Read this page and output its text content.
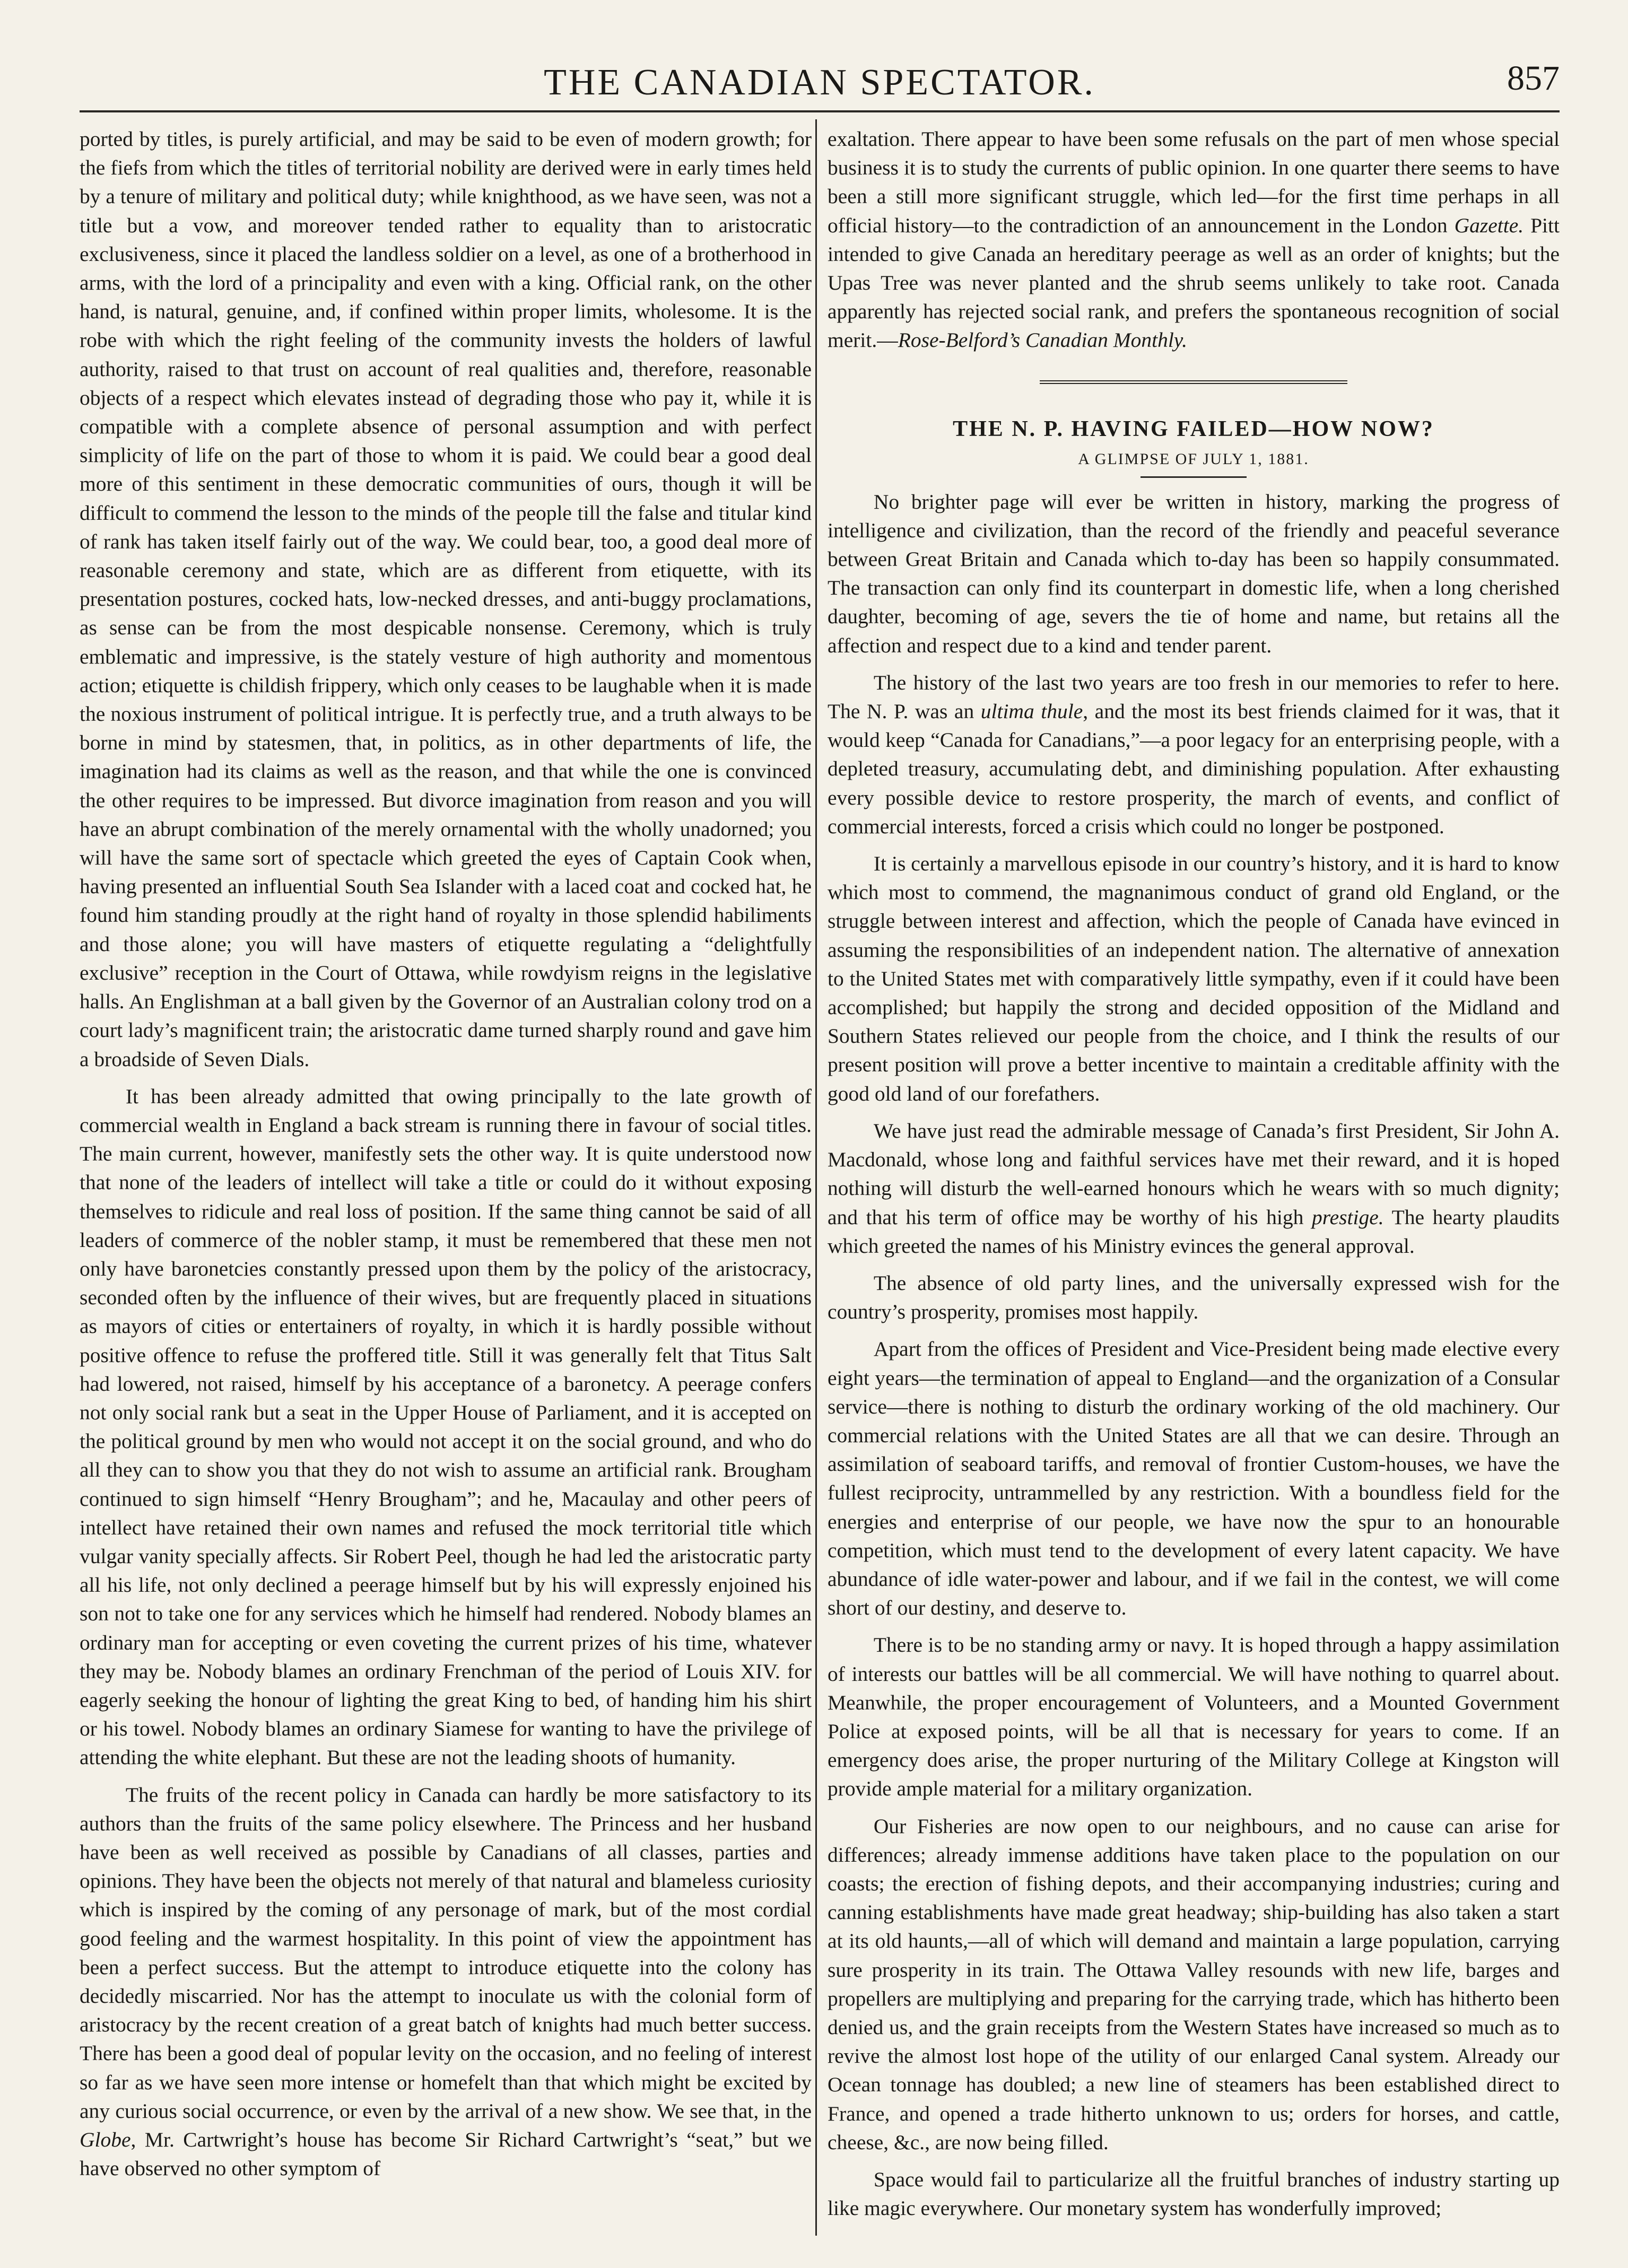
THE CANADIAN SPECTATOR.	857

ported by titles, is purely artificial, and may be said to be even of modern growth; for the fiefs from which the titles of territorial nobility are derived were in early times held by a tenure of military and political duty; while knighthood, as we have seen, was not a title but a vow, and moreover tended rather to equality than to aristocratic exclusiveness, since it placed the landless soldier on a level, as one of a brotherhood in arms, with the lord of a principality and even with a king. Official rank, on the other hand, is natural, genuine, and, if confined within proper limits, wholesome. It is the robe with which the right feeling of the community invests the holders of lawful authority, raised to that trust on account of real qualities and, therefore, reasonable objects of a respect which elevates instead of degrading those who pay it, while it is compatible with a complete absence of personal assumption and with perfect simplicity of life on the part of those to whom it is paid. We could bear a good deal more of this sentiment in these democratic communities of ours, though it will be difficult to commend the lesson to the minds of the people till the false and titular kind of rank has taken itself fairly out of the way. We could bear, too, a good deal more of reasonable ceremony and state, which are as different from etiquette, with its presentation postures, cocked hats, low-necked dresses, and anti-buggy proclamations, as sense can be from the most despicable nonsense. Ceremony, which is truly emblematic and impressive, is the stately vesture of high authority and momentous action; etiquette is childish frippery, which only ceases to be laughable when it is made the noxious instrument of political intrigue. It is perfectly true, and a truth always to be borne in mind by statesmen, that, in politics, as in other departments of life, the imagination had its claims as well as the reason, and that while the one is convinced the other requires to be impressed. But divorce imagination from reason and you will have an abrupt combination of the merely ornamental with the wholly unadorned; you will have the same sort of spectacle which greeted the eyes of Captain Cook when, having presented an influential South Sea Islander with a laced coat and cocked hat, he found him standing proudly at the right hand of royalty in those splendid habiliments and those alone; you will have masters of etiquette regulating a “delightfully exclusive” reception in the Court of Ottawa, while rowdyism reigns in the legislative halls. An Englishman at a ball given by the Governor of an Australian colony trod on a court lady’s magnificent train; the aristocratic dame turned sharply round and gave him a broadside of Seven Dials.

It has been already admitted that owing principally to the late growth of commercial wealth in England a back stream is running there in favour of social titles. The main current, however, manifestly sets the other way. It is quite understood now that none of the leaders of intellect will take a title or could do it without exposing themselves to ridicule and real loss of position. If the same thing cannot be said of all leaders of commerce of the nobler stamp, it must be remembered that these men not only have baronetcies constantly pressed upon them by the policy of the aristocracy, seconded often by the influence of their wives, but are frequently placed in situations as mayors of cities or entertainers of royalty, in which it is hardly possible without positive offence to refuse the proffered title. Still it was generally felt that Titus Salt had lowered, not raised, himself by his acceptance of a baronetcy. A peerage confers not only social rank but a seat in the Upper House of Parliament, and it is accepted on the political ground by men who would not accept it on the social ground, and who do all they can to show you that they do not wish to assume an artificial rank. Brougham continued to sign himself “Henry Brougham”; and he, Macaulay and other peers of intellect have retained their own names and refused the mock territorial title which vulgar vanity specially affects. Sir Robert Peel, though he had led the aristocratic party all his life, not only declined a peerage himself but by his will expressly enjoined his son not to take one for any services which he himself had rendered. Nobody blames an ordinary man for accepting or even coveting the current prizes of his time, whatever they may be. Nobody blames an ordinary Frenchman of the period of Louis XIV. for eagerly seeking the honour of lighting the great King to bed, of handing him his shirt or his towel. Nobody blames an ordinary Siamese for wanting to have the privilege of attending the white elephant. But these are not the leading shoots of humanity.

The fruits of the recent policy in Canada can hardly be more satisfactory to its authors than the fruits of the same policy elsewhere. The Princess and her husband have been as well received as possible by Canadians of all classes, parties and opinions. They have been the objects not merely of that natural and blameless curiosity which is inspired by the coming of any personage of mark, but of the most cordial good feeling and the warmest hospitality. In this point of view the appointment has been a perfect success. But the attempt to introduce etiquette into the colony has decidedly miscarried. Nor has the attempt to inoculate us with the colonial form of aristocracy by the recent creation of a great batch of knights had much better success. There has been a good deal of popular levity on the occasion, and no feeling of interest so far as we have seen more intense or homefelt than that which might be excited by any curious social occurrence, or even by the arrival of a new show. We see that, in the Globe, Mr. Cartwright’s house has become Sir Richard Cartwright’s “seat,” but we have observed no other symptom of

exaltation. There appear to have been some refusals on the part of men whose special business it is to study the currents of public opinion. In one quarter there seems to have been a still more significant struggle, which led—for the first time perhaps in all official history—to the contradiction of an announcement in the London Gazette. Pitt intended to give Canada an hereditary peerage as well as an order of knights; but the Upas Tree was never planted and the shrub seems unlikely to take root. Canada apparently has rejected social rank, and prefers the spontaneous recognition of social merit.—Rose-Belford’s Canadian Monthly.

THE N. P. HAVING FAILED—HOW NOW?
A GLIMPSE OF JULY 1, 1881.

No brighter page will ever be written in history, marking the progress of intelligence and civilization, than the record of the friendly and peaceful severance between Great Britain and Canada which to-day has been so happily consummated. The transaction can only find its counterpart in domestic life, when a long cherished daughter, becoming of age, severs the tie of home and name, but retains all the affection and respect due to a kind and tender parent.

The history of the last two years are too fresh in our memories to refer to here. The N. P. was an ultima thule, and the most its best friends claimed for it was, that it would keep “Canada for Canadians,”—a poor legacy for an enterprising people, with a depleted treasury, accumulating debt, and diminishing population. After exhausting every possible device to restore prosperity, the march of events, and conflict of commercial interests, forced a crisis which could no longer be postponed.

It is certainly a marvellous episode in our country’s history, and it is hard to know which most to commend, the magnanimous conduct of grand old England, or the struggle between interest and affection, which the people of Canada have evinced in assuming the responsibilities of an independent nation. The alternative of annexation to the United States met with comparatively little sympathy, even if it could have been accomplished; but happily the strong and decided opposition of the Midland and Southern States relieved our people from the choice, and I think the results of our present position will prove a better incentive to maintain a creditable affinity with the good old land of our forefathers.

We have just read the admirable message of Canada’s first President, Sir John A. Macdonald, whose long and faithful services have met their reward, and it is hoped nothing will disturb the well-earned honours which he wears with so much dignity; and that his term of office may be worthy of his high prestige. The hearty plaudits which greeted the names of his Ministry evinces the general approval.

The absence of old party lines, and the universally expressed wish for the country’s prosperity, promises most happily.

Apart from the offices of President and Vice-President being made elective every eight years—the termination of appeal to England—and the organization of a Consular service—there is nothing to disturb the ordinary working of the old machinery. Our commercial relations with the United States are all that we can desire. Through an assimilation of seaboard tariffs, and removal of frontier Custom-houses, we have the fullest reciprocity, untrammelled by any restriction. With a boundless field for the energies and enterprise of our people, we have now the spur to an honourable competition, which must tend to the development of every latent capacity. We have abundance of idle water-power and labour, and if we fail in the contest, we will come short of our destiny, and deserve to.

There is to be no standing army or navy. It is hoped through a happy assimilation of interests our battles will be all commercial. We will have nothing to quarrel about. Meanwhile, the proper encouragement of Volunteers, and a Mounted Government Police at exposed points, will be all that is necessary for years to come. If an emergency does arise, the proper nurturing of the Military College at Kingston will provide ample material for a military organization.

Our Fisheries are now open to our neighbours, and no cause can arise for differences; already immense additions have taken place to the population on our coasts; the erection of fishing depots, and their accompanying industries; curing and canning establishments have made great headway; ship-building has also taken a start at its old haunts,—all of which will demand and maintain a large population, carrying sure prosperity in its train. The Ottawa Valley resounds with new life, barges and propellers are multiplying and preparing for the carrying trade, which has hitherto been denied us, and the grain receipts from the Western States have increased so much as to revive the almost lost hope of the utility of our enlarged Canal system. Already our Ocean tonnage has doubled; a new line of steamers has been established direct to France, and opened a trade hitherto unknown to us; orders for horses, and cattle, cheese, &c., are now being filled.

Space would fail to particularize all the fruitful branches of industry starting up like magic everywhere. Our monetary system has wonderfully improved;
